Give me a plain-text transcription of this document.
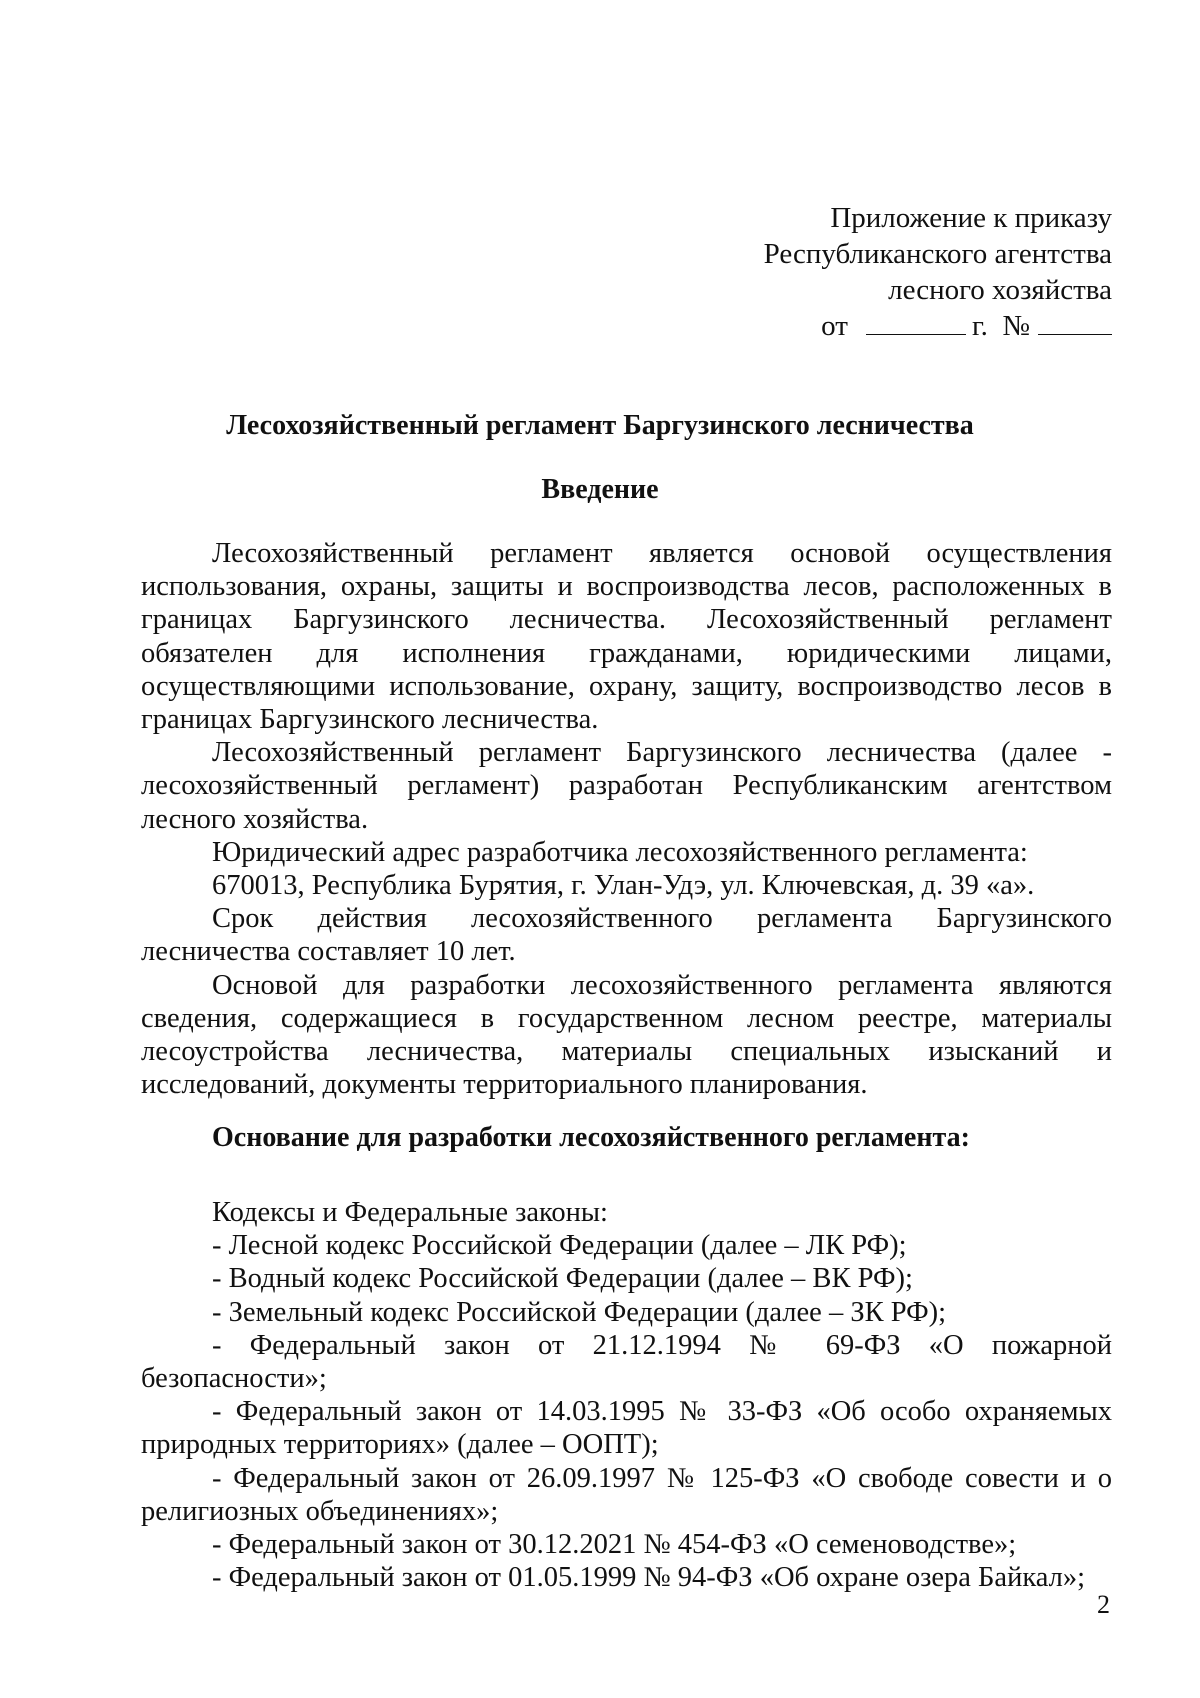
Приложение к приказу
Республиканского агентства
лесного хозяйства
от	г. №
Лесохозяйственный регламент Баргузинского лесничества
Введение

Лесохозяйственный регламент является основой осуществления использования, охраны, защиты и воспроизводства лесов, расположенных в границах Баргузинского лесничества. Лесохозяйственный регламент обязателен для исполнения гражданами, юридическими лицами, осуществляющими использование, охрану, защиту, воспроизводство лесов в границах Баргузинского лесничества.

Лесохозяйственный регламент Баргузинского лесничества (далее - лесохозяйственный регламент) разработан Республиканским агентством лесного хозяйства.

Юридический адрес разработчика лесохозяйственного регламента:

670013, Республика Бурятия, г. Улан-Удэ, ул. Ключевская, д. 39 «а».

Срок действия лесохозяйственного регламента Баргузинского лесничества составляет 10 лет.

Основой для разработки лесохозяйственного регламента являются сведения, содержащиеся в государственном лесном реестре, материалы лесоустройства лесничества, материалы специальных изысканий и исследований, документы территориального планирования.

Основание для разработки лесохозяйственного регламента:

Кодексы и Федеральные законы:

- Лесной кодекс Российской Федерации (далее – ЛК РФ);

- Водный кодекс Российской Федерации (далее – ВК РФ);

- Земельный кодекс Российской Федерации (далее – ЗК РФ);

- Федеральный закон от 21.12.1994 № 69-ФЗ «О пожарной безопасности»;

- Федеральный закон от 14.03.1995 № 33-ФЗ «Об особо охраняемых природных территориях» (далее – ООПТ);

- Федеральный закон от 26.09.1997 № 125-ФЗ «О свободе совести и о религиозных объединениях»;

- Федеральный закон от 30.12.2021 № 454-ФЗ «О семеноводстве»;

- Федеральный закон от 01.05.1999 № 94-ФЗ «Об охране озера Байкал»;

2
